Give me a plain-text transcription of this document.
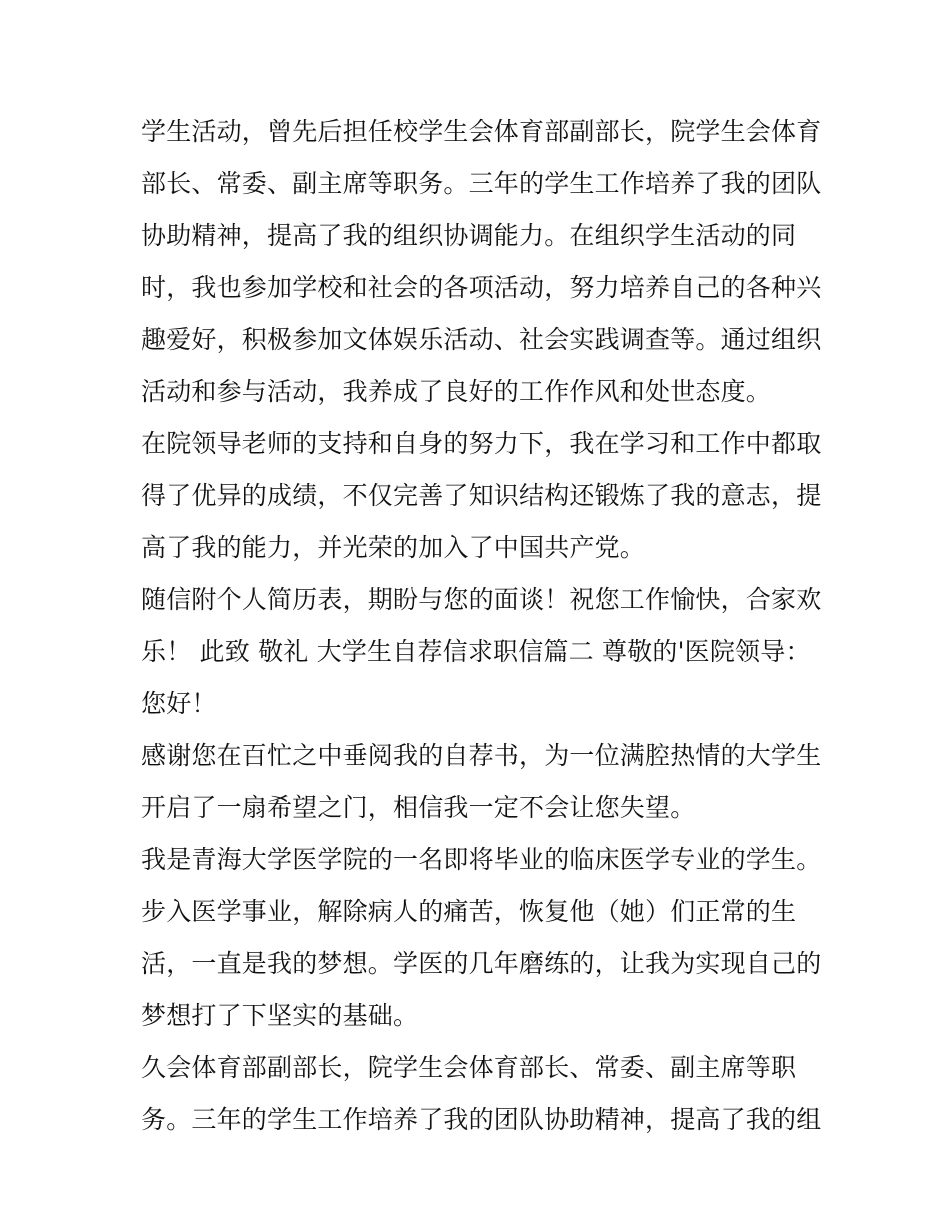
学生活动，曾先后担任校学生会体育部副部长，院学生会体育
部长、常委、副主席等职务。三年的学生工作培养了我的团队
协助精神，提高了我的组织协调能力。在组织学生活动的同
时，我也参加学校和社会的各项活动，努力培养自己的各种兴
趣爱好，积极参加文体娱乐活动、社会实践调查等。通过组织
活动和参与活动，我养成了良好的工作作风和处世态度。
在院领导老师的支持和自身的努力下，我在学习和工作中都取
得了优异的成绩，不仅完善了知识结构还锻炼了我的意志，提
高了我的能力，并光荣的加入了中国共产党。
随信附个人简历表，期盼与您的面谈！祝您工作愉快，合家欢
乐！ 此致 敬礼 大学生自荐信求职信篇二 尊敬的'医院领导：
您好！
感谢您在百忙之中垂阅我的自荐书，为一位满腔热情的大学生
开启了一扇希望之门，相信我一定不会让您失望。
我是青海大学医学院的一名即将毕业的临床医学专业的学生。
步入医学事业，解除病人的痛苦，恢复他（她）们正常的生
活，一直是我的梦想。学医的几年磨练的，让我为实现自己的
梦想打了下坚实的基础。
久会体育部副部长，院学生会体育部长、常委、副主席等职
务。三年的学生工作培养了我的团队协助精神，提高了我的组
